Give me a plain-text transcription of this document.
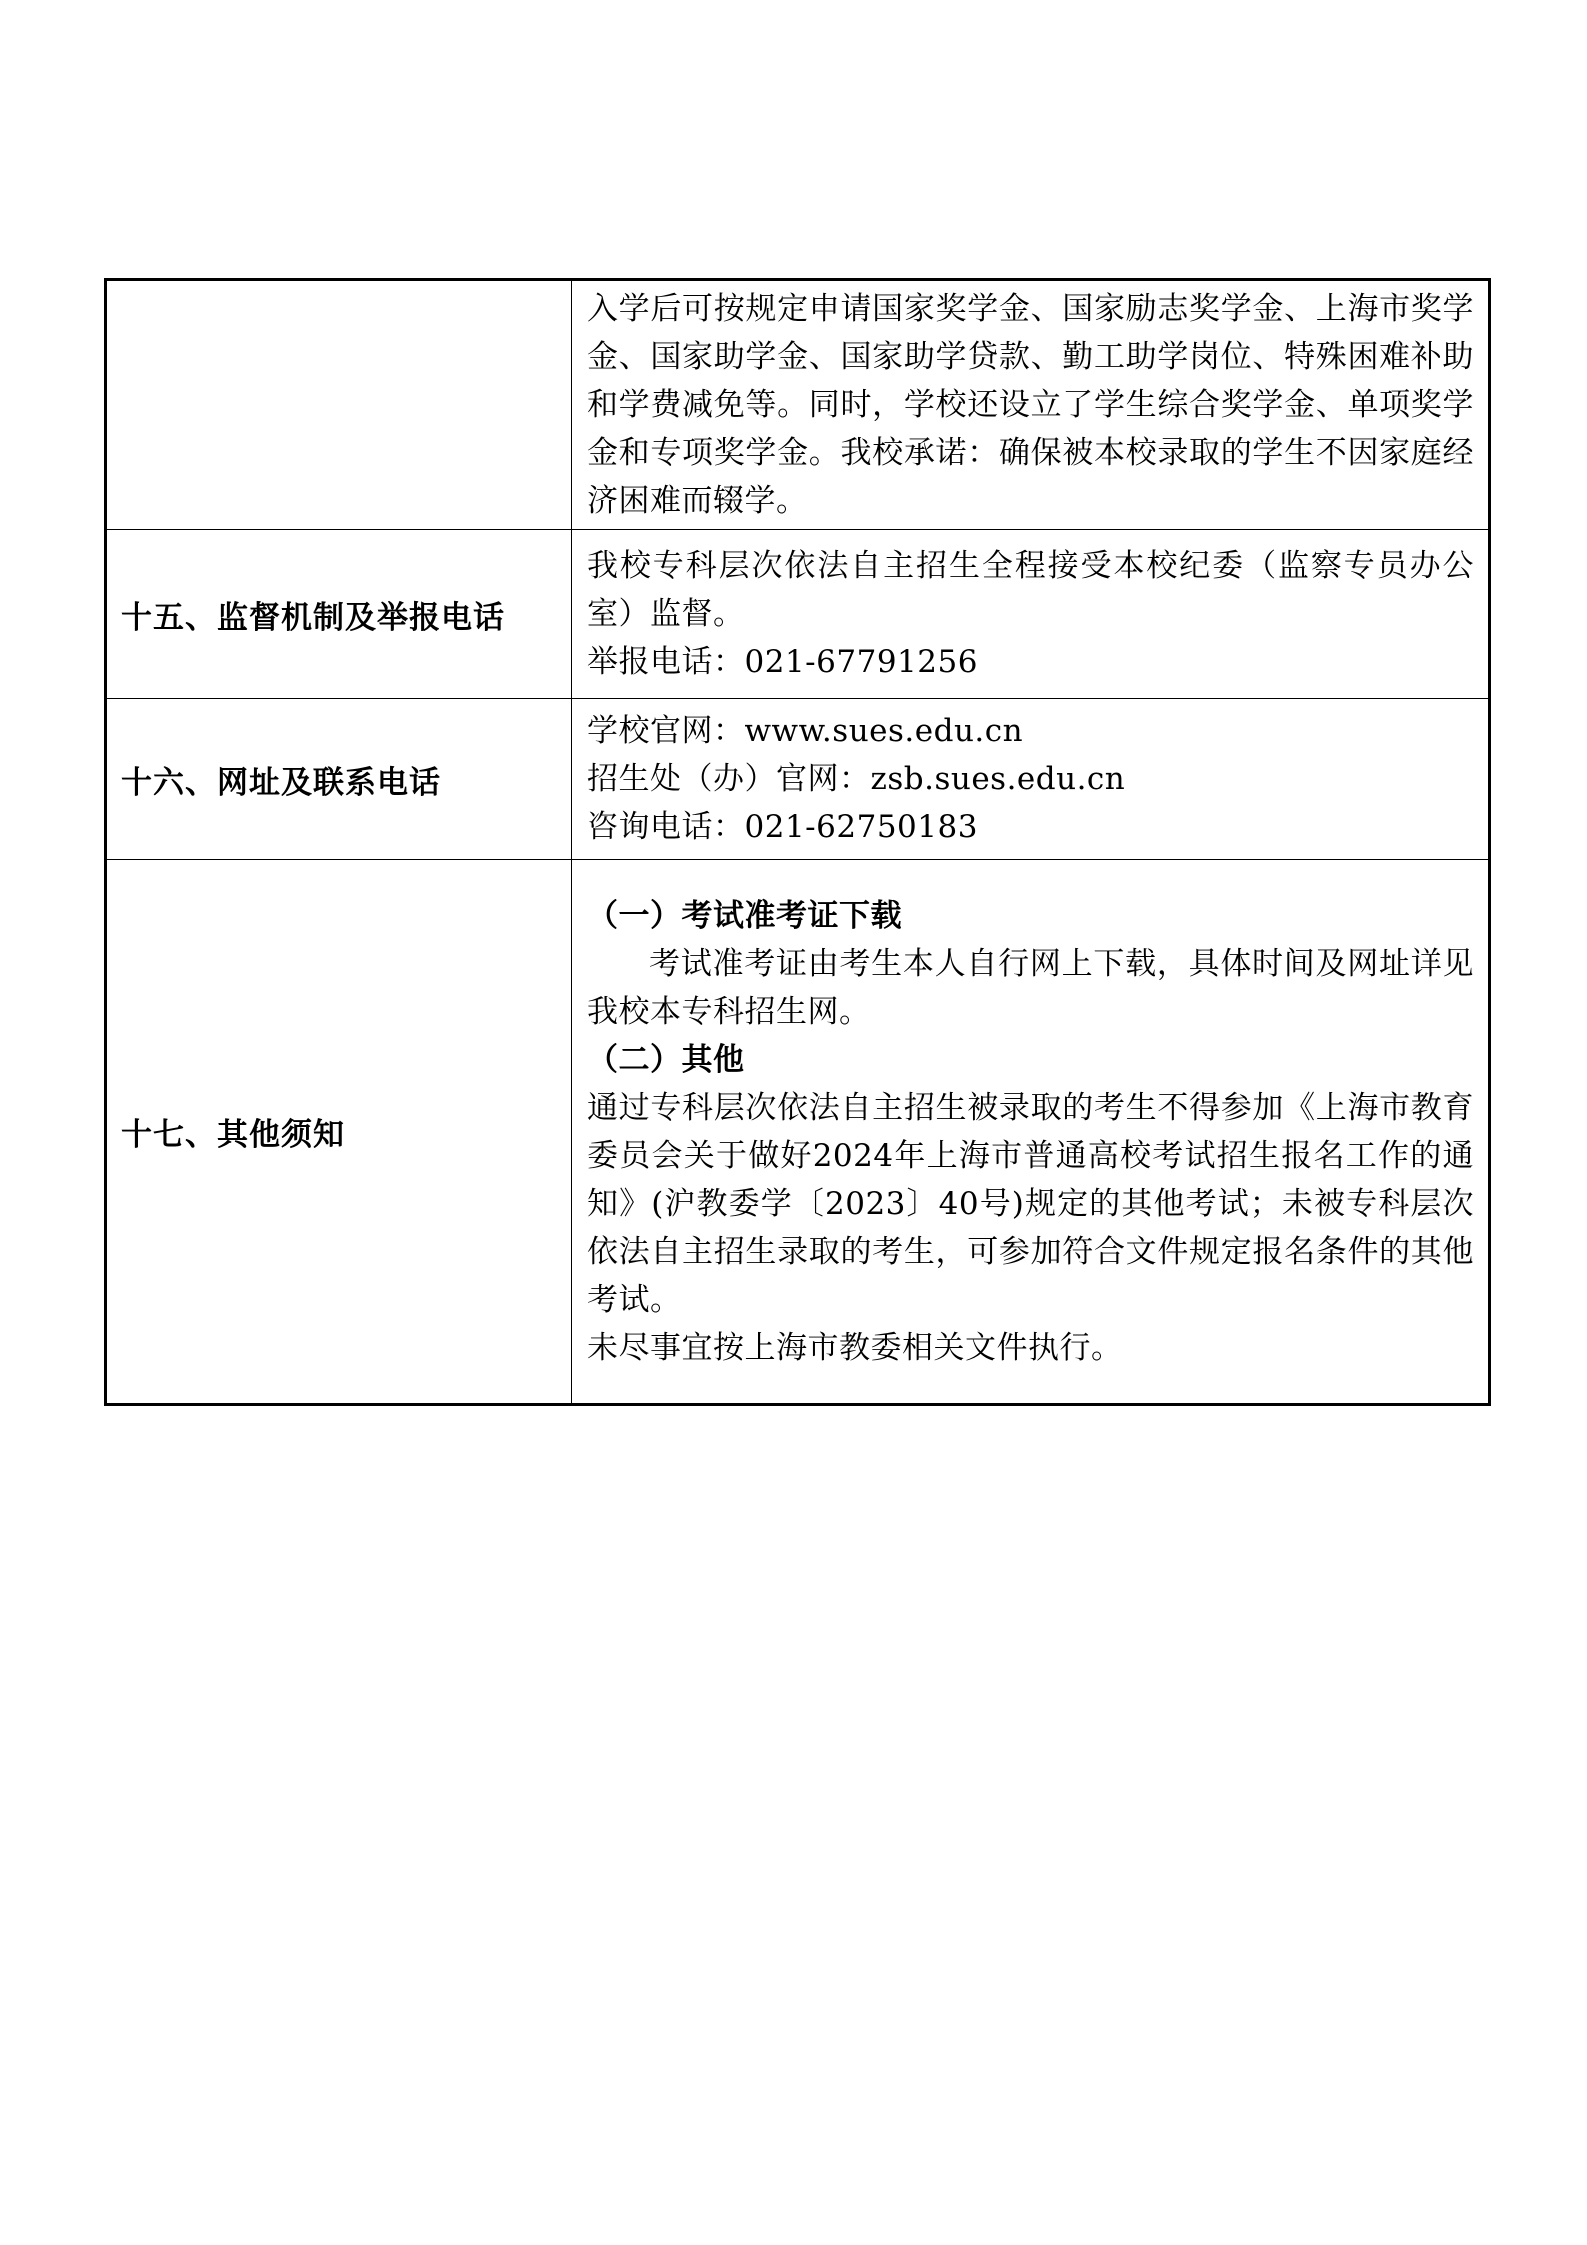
	入学后可按规定申请国家奖学金、国家励志奖学金、上海市奖学金、国家助学金、国家助学贷款、勤工助学岗位、特殊困难补助和学费减免等。同时，学校还设立了学生综合奖学金、单项奖学金和专项奖学金。我校承诺：确保被本校录取的学生不因家庭经济困难而辍学。

十五、监督机制及举报电话	我校专科层次依法自主招生全程接受本校纪委（监察专员办公室）监督。

举报电话：021-67791256

十六、网址及联系电话	学校官网：www.sues.edu.cn

招生处（办）官网：zsb.sues.edu.cn

咨询电话：021-62750183

十七、其他须知	（一）考试准考证下载

考试准考证由考生本人自行网上下载，具体时间及网址详见我校本专科招生网。

（二）其他

通过专科层次依法自主招生被录取的考生不得参加《上海市教育委员会关于做好2024年上海市普通高校考试招生报名工作的通知》(沪教委学〔2023〕40号)规定的其他考试；未被专科层次依法自主招生录取的考生，可参加符合文件规定报名条件的其他考试。

未尽事宜按上海市教委相关文件执行。
